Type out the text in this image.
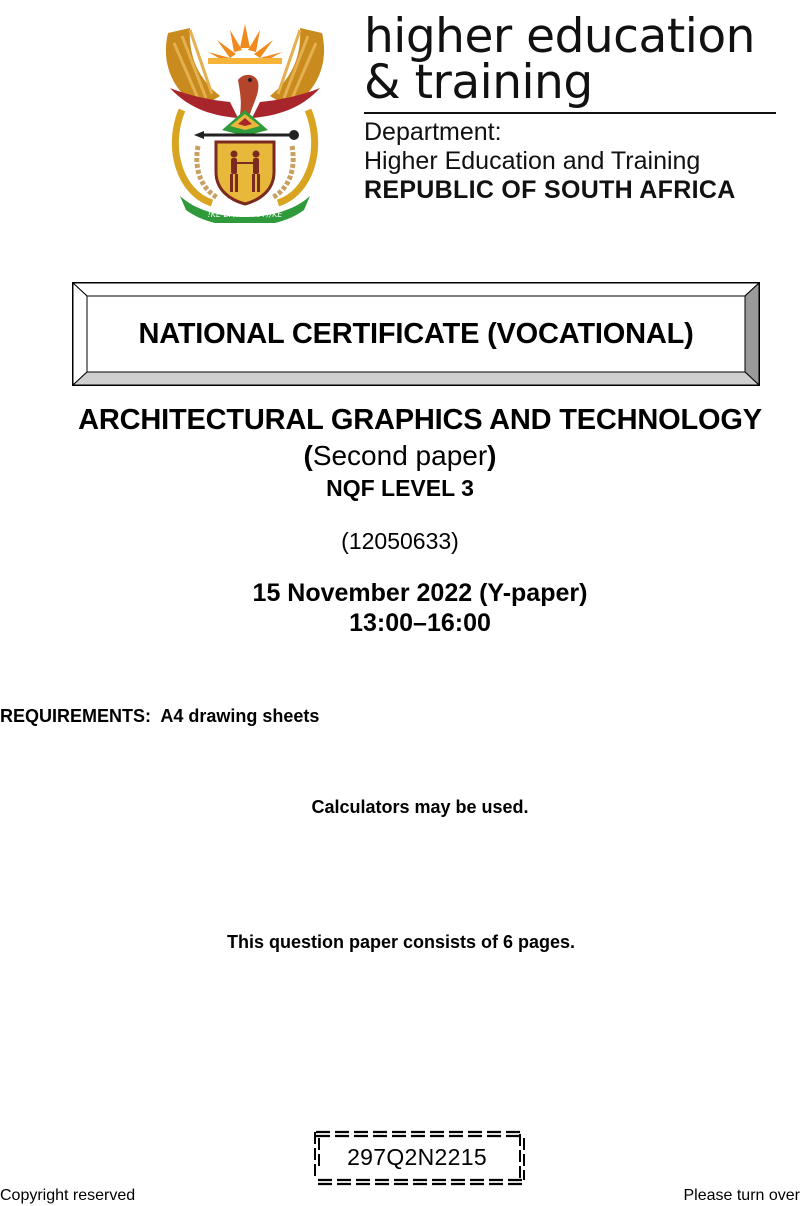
!KE E: /XARRA //KE
higher education
& training
Department:
Higher Education and Training
REPUBLIC OF SOUTH AFRICA
NATIONAL CERTIFICATE (VOCATIONAL)
ARCHITECTURAL GRAPHICS AND TECHNOLOGY
(Second paper)
NQF LEVEL 3
(12050633)
15 November 2022 (Y-paper)
13:00–16:00
REQUIREMENTS:  A4 drawing sheets
Calculators may be used.
This question paper consists of 6 pages.
297Q2N2215
Copyright reserved	Please turn over
